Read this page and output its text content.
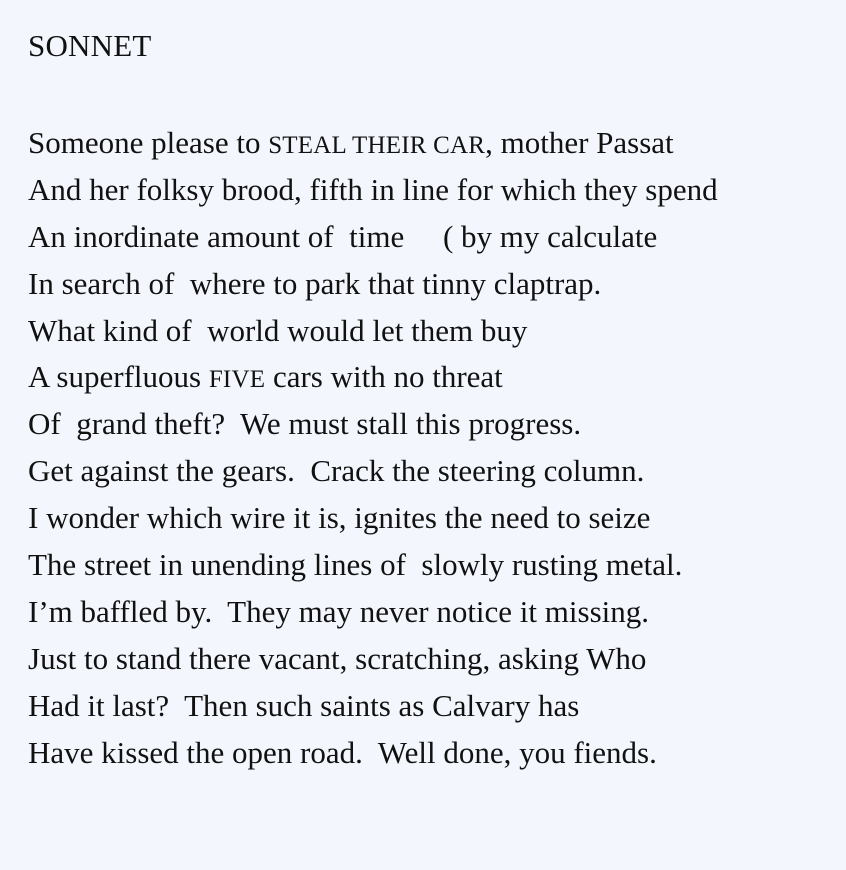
SONNET
Someone please to STEAL THEIR CAR, mother Passat
And her folksy brood, fifth in line for which they spend
An inordinate amount of  time     ( by my calculate
In search of  where to park that tinny claptrap.
What kind of  world would let them buy
A superfluous FIVE cars with no threat
Of  grand theft?  We must stall this progress.
Get against the gears.  Crack the steering column.
I wonder which wire it is, ignites the need to seize
The street in unending lines of  slowly rusting metal.
I’m baffled by.  They may never notice it missing.
Just to stand there vacant, scratching, asking Who
Had it last?  Then such saints as Calvary has
Have kissed the open road.  Well done, you fiends.
